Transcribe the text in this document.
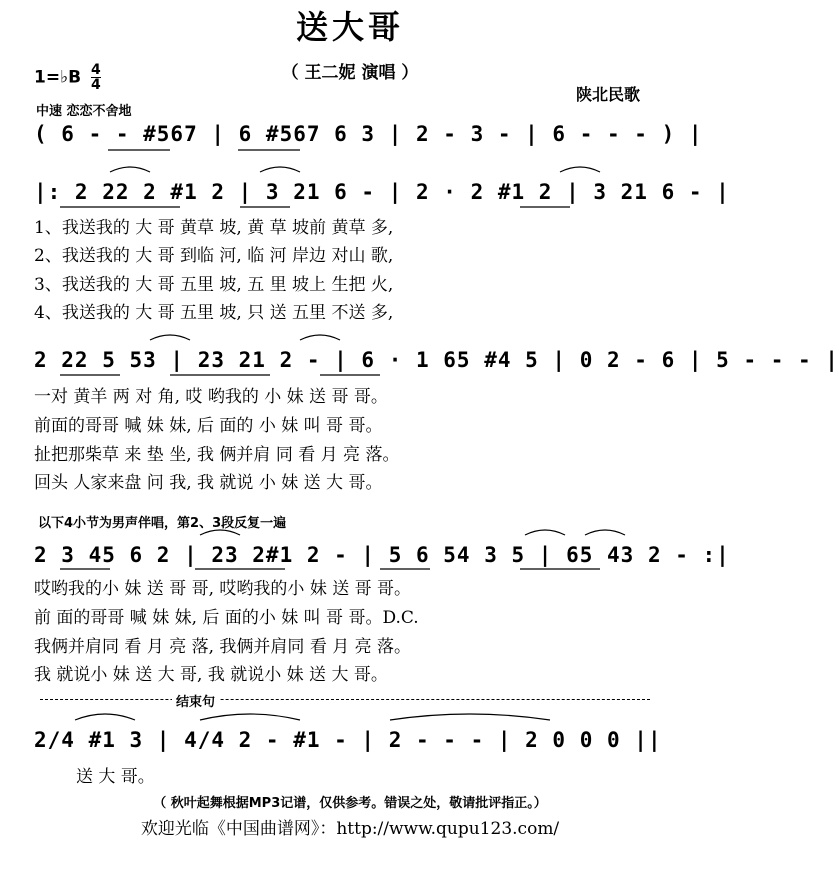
送大哥
（ 王二妮 演唱 ）
1=♭B $\frac{4}{4}$
陕北民歌
中速 恋恋不舍地
( 6 - - #567 | 6 #567 6 3 | 2 - 3 - | 6 - - - ) |
|: 2 22 2 #1 2 | 3 21 6 - | 2 · 2 #1 2 | 3 21 6 - |
1、我送我的 大 哥 黄草 坡, 黄 草 坡前 黄草 多,
2、我送我的 大 哥 到临 河, 临 河 岸边 对山 歌,
3、我送我的 大 哥 五里 坡, 五 里 坡上 生把 火,
4、我送我的 大 哥 五里 坡, 只 送 五里 不送 多,
2 22 5 53 | 23 21 2 - | 6 · 1 65 #4 5 | 0 2 - 6 | 5 - - - |
一对 黄羊 两 对 角, 哎 哟我的 小 妹 送 哥 哥。
前面的哥哥 喊 妹 妹, 后 面的 小 妹 叫 哥 哥。
扯把那柴草 来 垫 坐, 我 俩并肩 同 看 月 亮 落。
回头 人家来盘 问 我, 我 就说 小 妹 送 大 哥。
以下4小节为男声伴唱，第2、3段反复一遍
2 3 45 6 2 | 23 2#1 2 - | 5 6 54 3 5 | 65 43 2 - :|
哎哟我的小 妹 送 哥 哥, 哎哟我的小 妹 送 哥 哥。
前 面的哥哥 喊 妹 妹, 后 面的小 妹 叫 哥 哥。D.C.
我俩并肩同 看 月 亮 落, 我俩并肩同 看 月 亮 落。
我 就说小 妹 送 大 哥, 我 就说小 妹 送 大 哥。
结束句
2/4 #1 3 | 4/4 2 - #1 - | 2 - - - | 2 0 0 0 ||
送 大 哥。
（ 秋叶起舞根据MP3记谱，仅供参考。错误之处，敬请批评指正。）
欢迎光临《中国曲谱网》：http://www.qupu123.com/
